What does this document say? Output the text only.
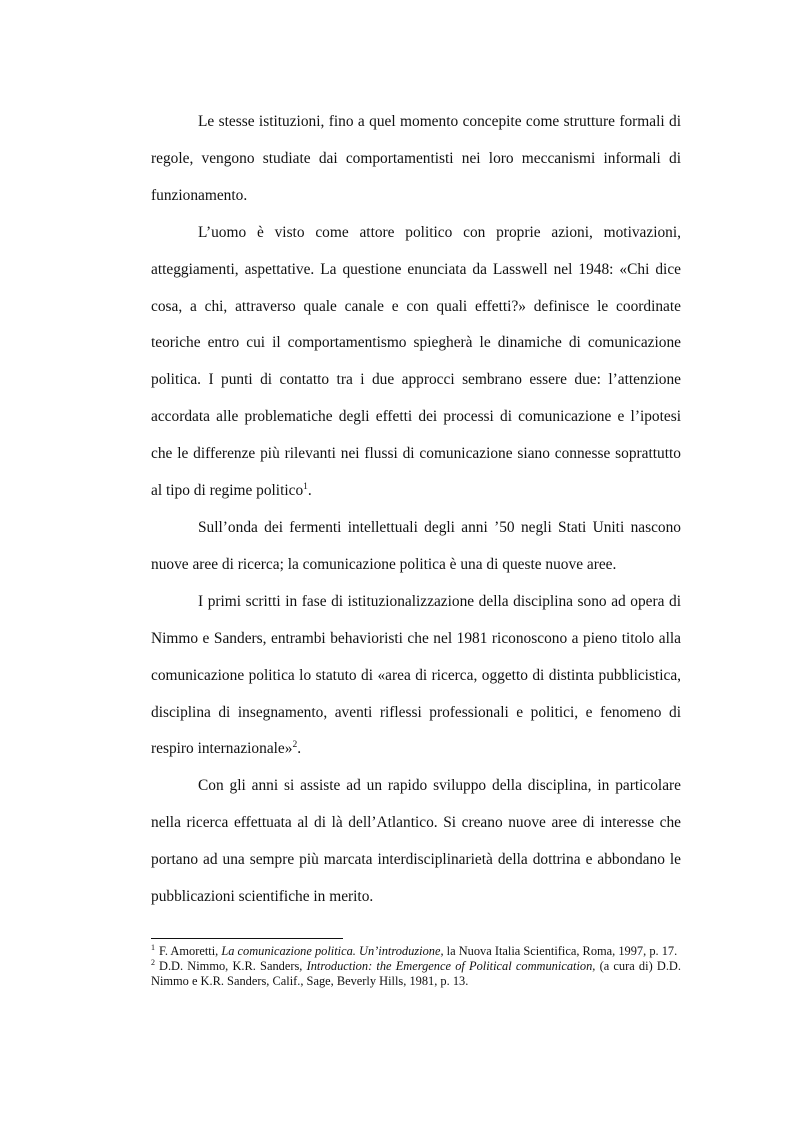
Le stesse istituzioni, fino a quel momento concepite come strutture formali di regole, vengono studiate dai comportamentisti nei loro meccanismi informali di funzionamento.

L’uomo è visto come attore politico con proprie azioni, motivazioni, atteggiamenti, aspettative. La questione enunciata da Lasswell nel 1948: «Chi dice cosa, a chi, attraverso quale canale e con quali effetti?» definisce le coordinate teoriche entro cui il comportamentismo spiegherà le dinamiche di comunicazione politica. I punti di contatto tra i due approcci sembrano essere due: l’attenzione accordata alle problematiche degli effetti dei processi di comunicazione e l’ipotesi che le differenze più rilevanti nei flussi di comunicazione siano connesse soprattutto al tipo di regime politico$^1$.

Sull’onda dei fermenti intellettuali degli anni ’50 negli Stati Uniti nascono nuove aree di ricerca; la comunicazione politica è una di queste nuove aree.

I primi scritti in fase di istituzionalizzazione della disciplina sono ad opera di Nimmo e Sanders, entrambi behavioristi che nel 1981 riconoscono a pieno titolo alla comunicazione politica lo statuto di «area di ricerca, oggetto di distinta pubblicistica, disciplina di insegnamento, aventi riflessi professionali e politici, e fenomeno di respiro internazionale»$^2$.

Con gli anni si assiste ad un rapido sviluppo della disciplina, in particolare nella ricerca effettuata al di là dell’Atlantico. Si creano nuove aree di interesse che portano ad una sempre più marcata interdisciplinarietà della dottrina e abbondano le pubblicazioni scientifiche in merito.

$^1$ F. Amoretti, La comunicazione politica. Un’introduzione, la Nuova Italia Scientifica, Roma, 1997, p. 17.

$^2$ D.D. Nimmo, K.R. Sanders, Introduction: the Emergence of Political communication, (a cura di) D.D. Nimmo e K.R. Sanders, Calif., Sage, Beverly Hills, 1981, p. 13.
